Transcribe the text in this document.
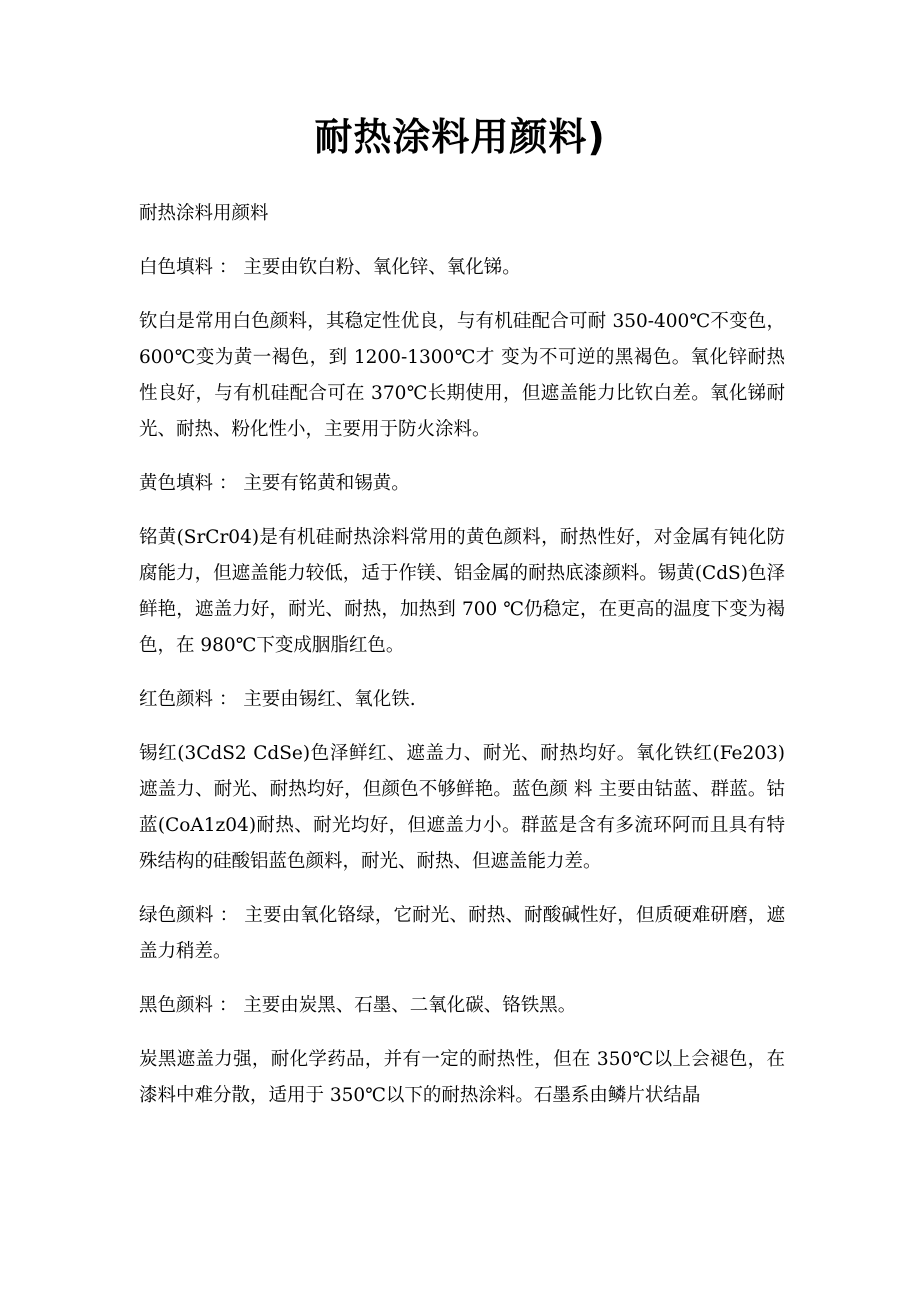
耐热涂料用颜料)

耐热涂料用颜料

白色填料 ： 主要由钦白粉、氧化锌、氧化锑。

钦白是常用白色颜料，其稳定性优良，与有机硅配合可耐 350-400℃不变色，600℃变为黄一褐色，到 1200-1300℃才 变为不可逆的黑褐色。氧化锌耐热性良好，与有机硅配合可在 370℃长期使用，但遮盖能力比钦白差。氧化锑耐光、耐热、粉化性小，主要用于防火涂料。

黄色填料 ： 主要有铭黄和锡黄。

铭黄(SrCr04)是有机硅耐热涂料常用的黄色颜料，耐热性好，对金属有钝化防腐能力，但遮盖能力较低，适于作镁、铝金属的耐热底漆颜料。锡黄(CdS)色泽鲜艳，遮盖力好，耐光、耐热，加热到 700 ℃仍稳定，在更高的温度下变为褐色，在 980℃下变成胭脂红色。

红色颜料 ： 主要由锡红、氧化铁.

锡红(3CdS2 CdSe)色泽鲜红、遮盖力、耐光、耐热均好。氧化铁红(Fe203)遮盖力、耐光、耐热均好，但颜色不够鲜艳。蓝色颜 料 主要由钴蓝、群蓝。钴蓝(CoA1z04)耐热、耐光均好，但遮盖力小。群蓝是含有多流环阿而且具有特殊结构的硅酸铝蓝色颜料，耐光、耐热、但遮盖能力差。

绿色颜料 ： 主要由氧化铬绿，它耐光、耐热、耐酸碱性好，但质硬难研磨，遮盖力稍差。

黑色颜料 ： 主要由炭黑、石墨、二氧化碳、铬铁黑。

炭黑遮盖力强，耐化学药品，并有一定的耐热性，但在 350℃以上会褪色，在漆料中难分散，适用于 350℃以下的耐热涂料。石墨系由鳞片状结晶
